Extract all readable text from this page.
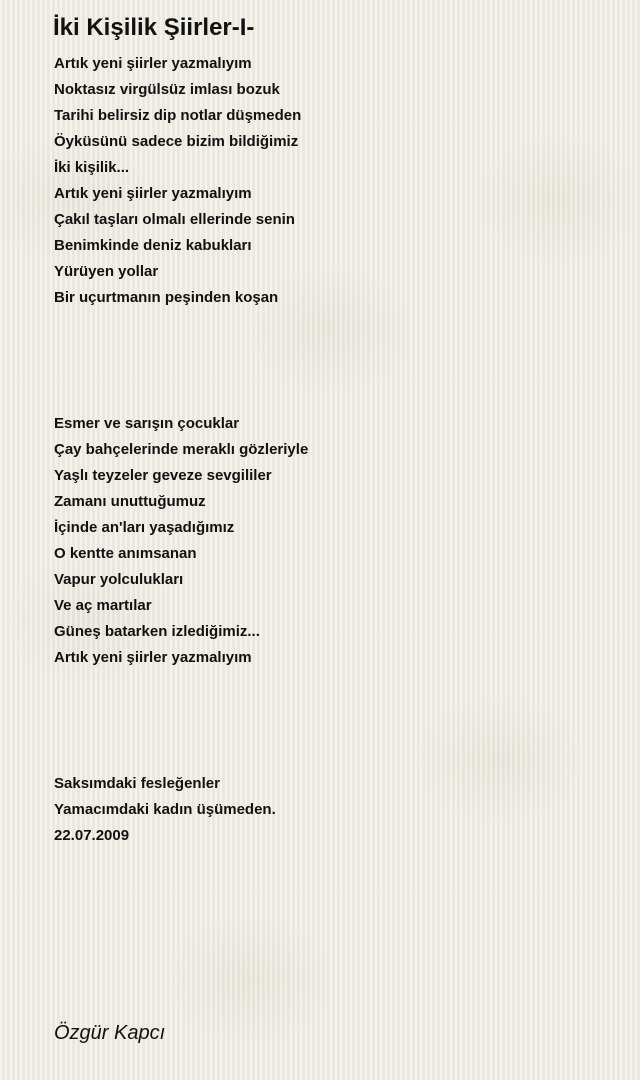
İki Kişilik Şiirler-I-
Artık yeni şiirler yazmalıyım
Noktasız virgülsüz imlası bozuk
Tarihi belirsiz dip notlar düşmeden
Öyküsünü sadece bizim bildiğimiz
İki kişilik...
Artık yeni şiirler yazmalıyım
Çakıl taşları olmalı ellerinde senin
Benimkinde deniz kabukları
Yürüyen yollar
Bir uçurtmanın peşinden koşan
Esmer ve sarışın çocuklar
Çay bahçelerinde meraklı gözleriyle
Yaşlı teyzeler geveze sevgililer
Zamanı unuttuğumuz
İçinde an'ları yaşadığımız
O kentte anımsanan
Vapur yolculukları
Ve aç martılar
Güneş batarken izlediğimiz...
Artık yeni şiirler yazmalıyım
Saksımdaki fesleğenler
Yamacımdaki kadın üşümeden.
22.07.2009
Özgür Kapcı
